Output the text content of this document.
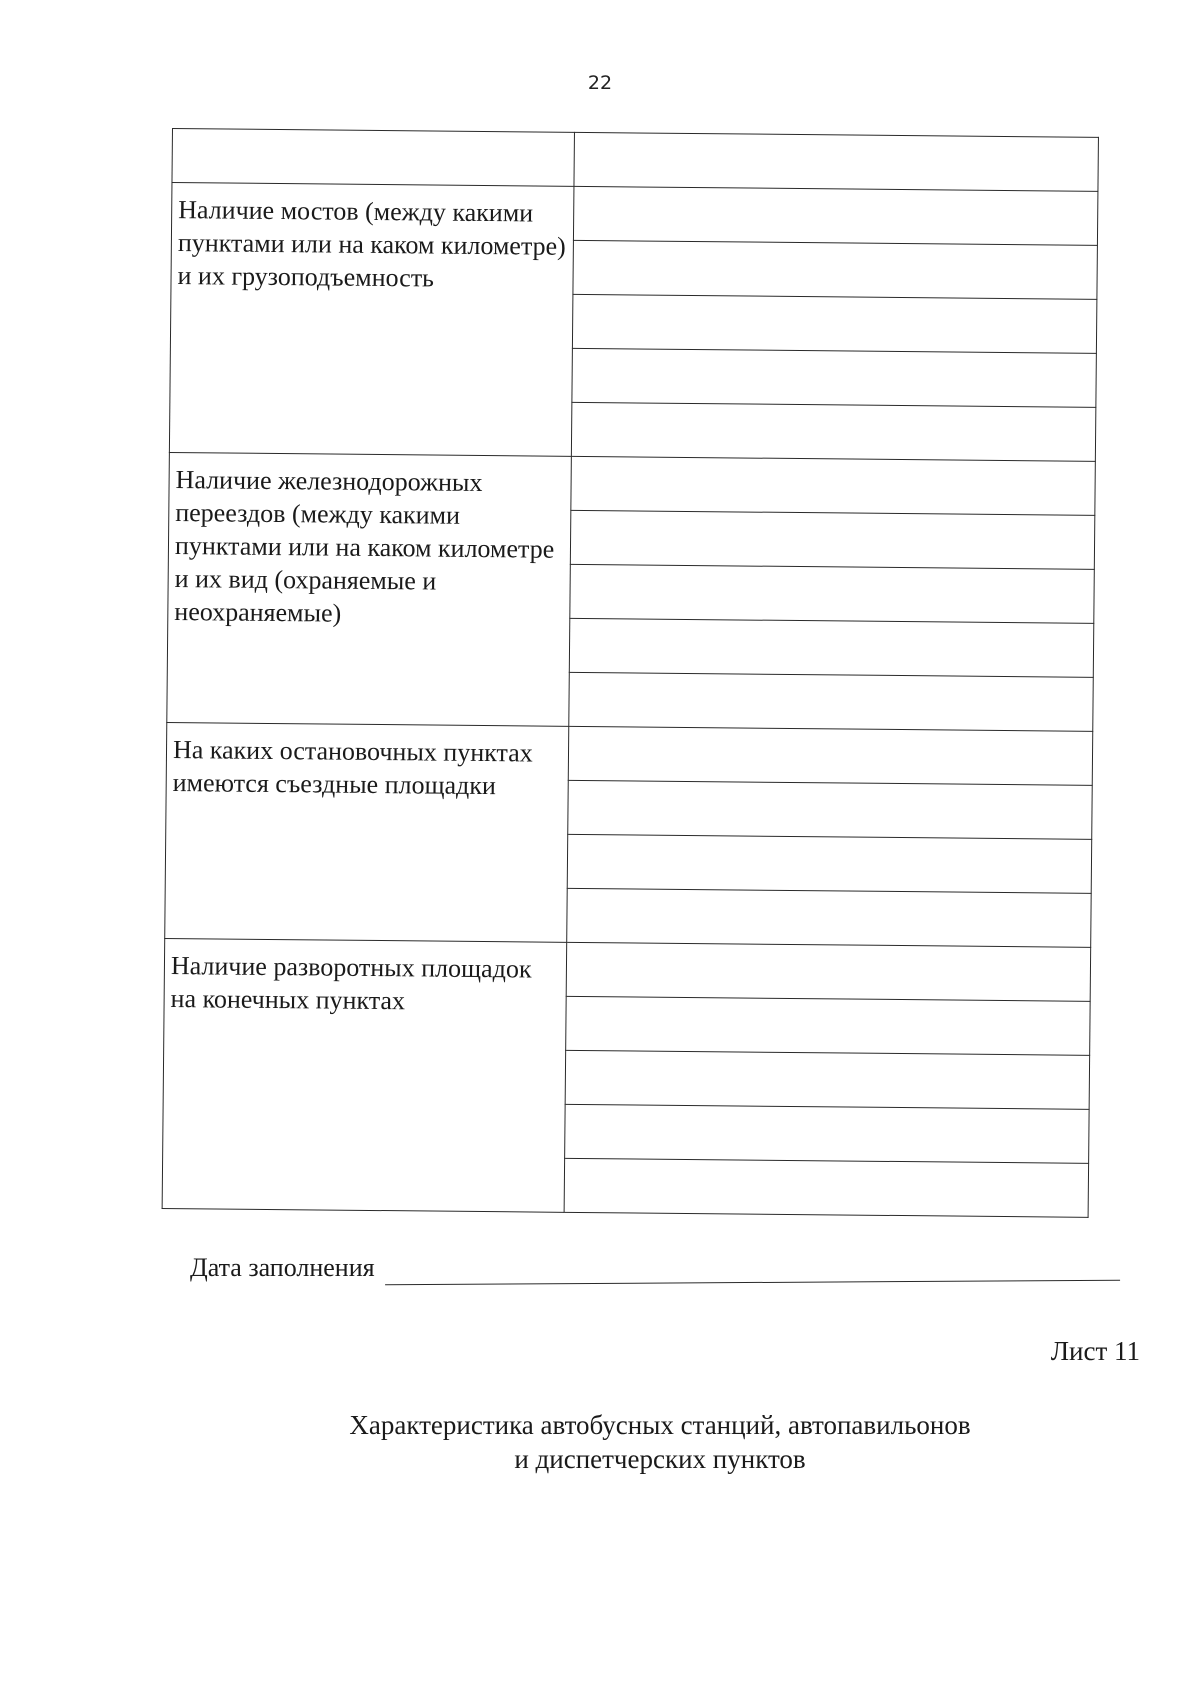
22

Наличие мостов (между какими пунктами или на каком километре) и их грузоподъемность	

Наличие железнодорожных переездов (между какими пунктами или на каком километре и их вид (охраняемые и неохраняемые)	

На каких остановочных пунктах имеются съездные площадки	

Наличие разворотных площадок на конечных пунктах	

Дата заполнения
Лист 11
Характеристика автобусных станций, автопавильонов
и диспетчерских пунктов
